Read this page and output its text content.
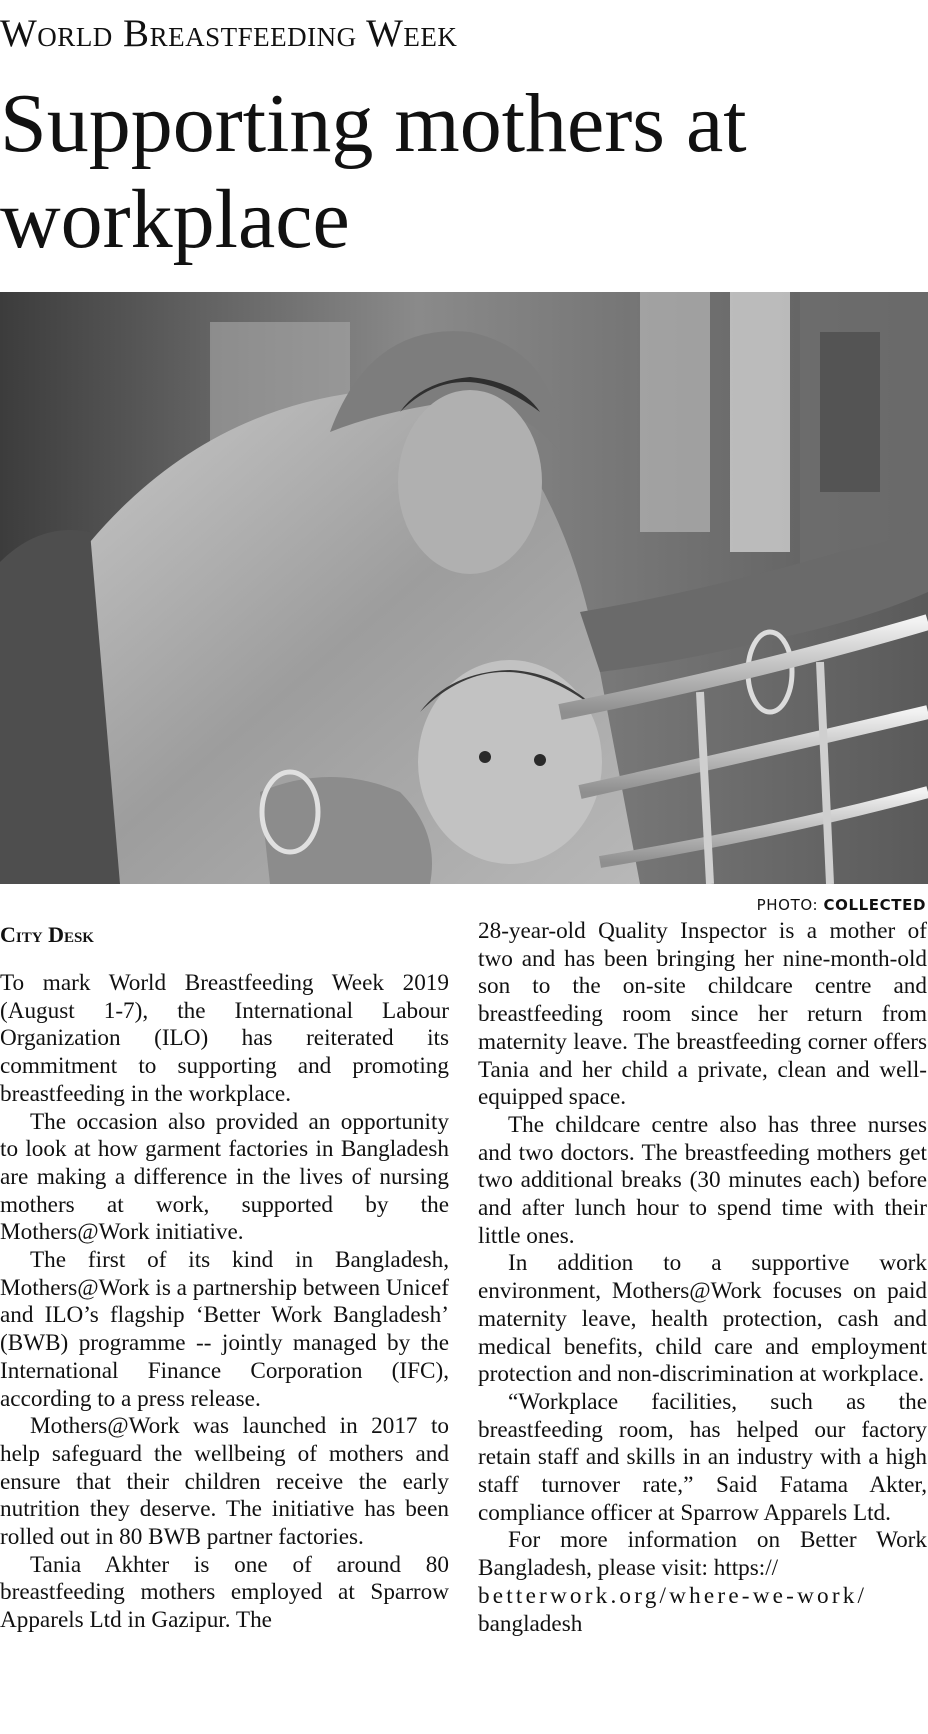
World Breastfeeding Week
Supporting mothers at workplace
PHOTO: COLLECTED
City Desk

To mark World Breastfeeding Week 2019 (August 1-7), the International Labour Organization (ILO) has reiterated its commitment to supporting and promoting breastfeeding in the workplace.

The occasion also provided an opportunity to look at how garment factories in Bangladesh are making a difference in the lives of nursing mothers at work, supported by the Mothers@Work initiative.

The first of its kind in Bangladesh, Mothers@Work is a partnership between Unicef and ILO’s flagship ‘Better Work Bangladesh’ (BWB) programme -- jointly managed by the International Finance Corporation (IFC), according to a press release.

Mothers@Work was launched in 2017 to help safeguard the wellbeing of mothers and ensure that their children receive the early nutrition they deserve. The initiative has been rolled out in 80 BWB partner factories.

Tania Akhter is one of around 80 breastfeeding mothers employed at Sparrow Apparels Ltd in Gazipur. The

28-year-old Quality Inspector is a mother of two and has been bringing her nine-month-old son to the on-site childcare centre and breastfeeding room since her return from maternity leave. The breastfeeding corner offers Tania and her child a private, clean and well-equipped space.

The childcare centre also has three nurses and two doctors. The breastfeeding mothers get two additional breaks (30 minutes each) before and after lunch hour to spend time with their little ones.

In addition to a supportive work environment, Mothers@Work focuses on paid maternity leave, health protection, cash and medical benefits, child care and employment protection and non-discrimination at workplace.

“Workplace facilities, such as the breastfeeding room, has helped our factory retain staff and skills in an industry with a high staff turnover rate,” Said Fatama Akter, compliance officer at Sparrow Apparels Ltd.

For more information on Better Work Bangladesh, please visit: https://
betterwork.org/where-we-work/
bangladesh
